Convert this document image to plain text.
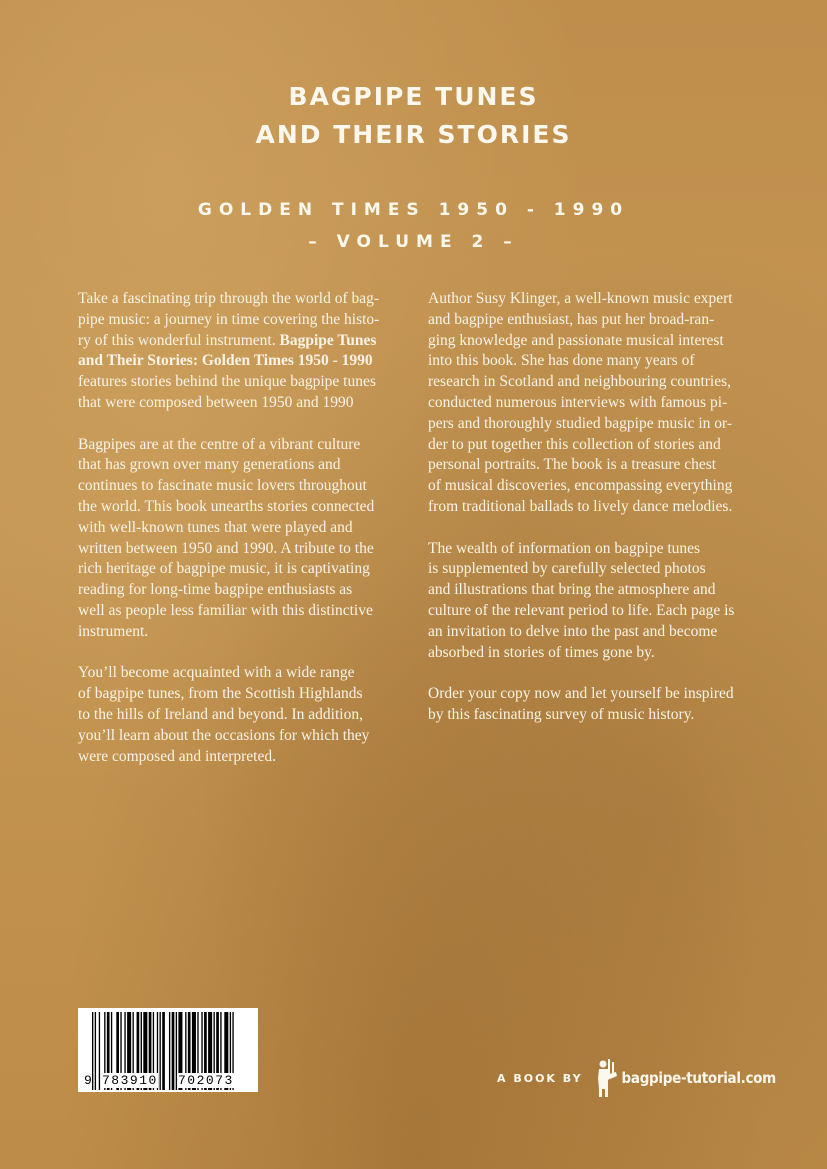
BAGPIPE TUNES
AND THEIR STORIES
GOLDEN TIMES 1950 - 1990
– VOLUME 2 –

Take a fascinating trip through the world of bag-
pipe music: a journey in time covering the histo-
ry of this wonderful instrument. Bagpipe Tunes
and Their Stories: Golden Times 1950 - 1990
features stories behind the unique bagpipe tunes
that were composed between 1950 and 1990

Bagpipes are at the centre of a vibrant culture
that has grown over many generations and
continues to fascinate music lovers throughout
the world. This book unearths stories connected
with well-known tunes that were played and
written between 1950 and 1990. A tribute to the
rich heritage of bagpipe music, it is captivating
reading for long-time bagpipe enthusiasts as
well as people less familiar with this distinctive
instrument.

You’ll become acquainted with a wide range
of bagpipe tunes, from the Scottish Highlands
to the hills of Ireland and beyond. In addition,
you’ll learn about the occasions for which they
were composed and interpreted.

Author Susy Klinger, a well-known music expert
and bagpipe enthusiast, has put her broad-ran-
ging knowledge and passionate musical interest
into this book. She has done many years of
research in Scotland and neighbouring countries,
conducted numerous interviews with famous pi-
pers and thoroughly studied bagpipe music in or-
der to put together this collection of stories and
personal portraits. The book is a treasure chest
of musical discoveries, encompassing everything
from traditional ballads to lively dance melodies.

The wealth of information on bagpipe tunes
is supplemented by carefully selected photos
and illustrations that bring the atmosphere and
culture of the relevant period to life. Each page is
an invitation to delve into the past and become
absorbed in stories of times gone by.

Order your copy now and let yourself be inspired
by this fascinating survey of music history.

9 783910 702073	A BOOK BY	bagpipe-tutorial.com
